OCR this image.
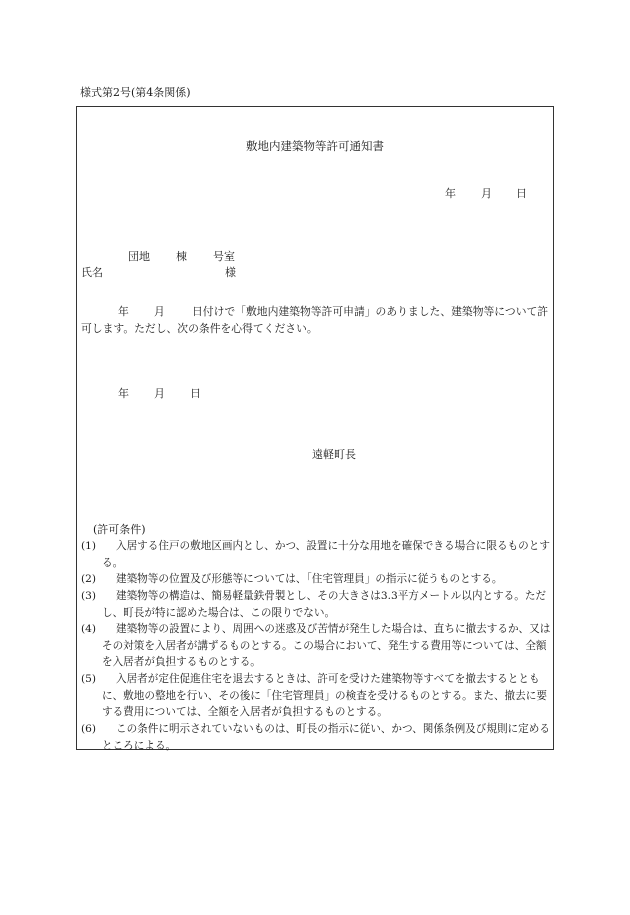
様式第2号(第4条関係)
敷地内建築物等許可通知書
年 月 日
団地 棟 号室
氏名	様
年 月	日付けで「敷地内建築物等許可申請」のありました、建築物等について許可します。ただし、次の条件を心得てください。
年 月 日
遠軽町長
(許可条件)
(1)	入居する住戸の敷地区画内とし、かつ、設置に十分な用地を確保できる場合に限るものとする。
(2)	建築物等の位置及び形態等については、「住宅管理員」の指示に従うものとする。
(3)	建築物等の構造は、簡易軽量鉄骨製とし、その大きさは3.3平方メートル以内とする。ただし、町長が特に認めた場合は、この限りでない。
(4)	建築物等の設置により、周囲への迷惑及び苦情が発生した場合は、直ちに撤去するか、又はその対策を入居者が講ずるものとする。この場合において、発生する費用等については、全額を入居者が負担するものとする。
(5)	入居者が定住促進住宅を退去するときは、許可を受けた建築物等すべてを撤去するとともに、敷地の整地を行い、その後に「住宅管理員」の検査を受けるものとする。また、撤去に要する費用については、全額を入居者が負担するものとする。
(6)	この条件に明示されていないものは、町長の指示に従い、かつ、関係条例及び規則に定めるところによる。
